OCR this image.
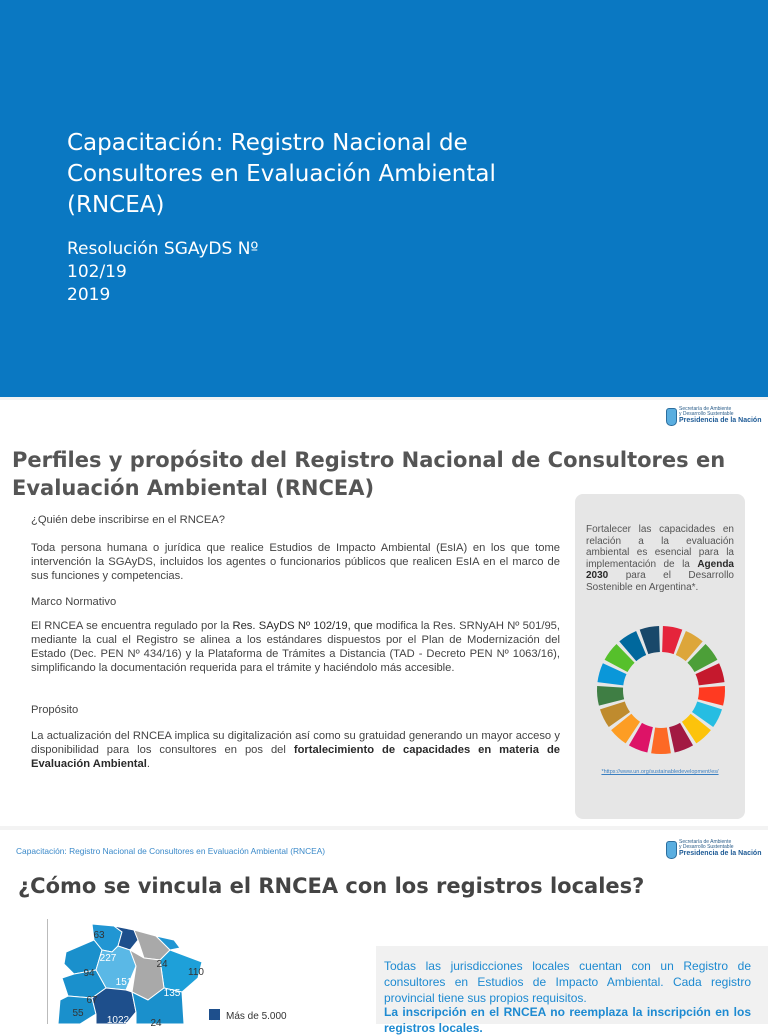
Capacitación: Registro Nacional de Consultores en Evaluación Ambiental (RNCEA)
Resolución SGAyDS Nº
102/19
2019
Secretaría de Ambiente
y Desarrollo Sustentable
Presidencia de la Nación
Perfiles y propósito del Registro Nacional de Consultores en Evaluación Ambiental (RNCEA)
¿Quién debe inscribirse en el RNCEA?

Toda persona humana o jurídica que realice Estudios de Impacto Ambiental (EsIA) en los que tome intervención la SGAyDS, incluidos los agentes o funcionarios públicos que realicen EsIA en el marco de sus funciones y competencias.

Marco Normativo

El RNCEA se encuentra regulado por la Res. SAyDS Nº 102/19, que modifica la Res. SRNyAH Nº 501/95, mediante la cual el Registro se alinea a los estándares dispuestos por el Plan de Modernización del Estado (Dec. PEN Nº 434/16) y la Plataforma de Trámites a Distancia (TAD - Decreto PEN Nº 1063/16), simplificando la documentación requerida para el trámite y haciéndolo más accesible.

Propósito

La actualización del RNCEA implica su digitalización así como su gratuidad generando un mayor acceso y disponibilidad para los consultores en pos del fortalecimiento de capacidades en materia de Evaluación Ambiental.

Fortalecer las capacidades en relación a la evaluación ambiental es esencial para la implementación de la Agenda 2030 para el Desarrollo Sostenible en Argentina*.
*https://www.un.org/sustainabledevelopment/es/
Capacitación: Registro Nacional de Consultores en Evaluación Ambiental (RNCEA)
Secretaría de Ambiente
y Desarrollo Sustentable
Presidencia de la Nación
¿Cómo se vincula el RNCEA con los registros locales?
63
227
24
94
151
110
135
67
55
1022 24
Más de 5.000
Todas las jurisdicciones locales cuentan con un Registro de consultores en Estudios de Impacto Ambiental. Cada registro provincial tiene sus propios requisitos.
La inscripción en el RNCEA no reemplaza la inscripción en los registros locales.
